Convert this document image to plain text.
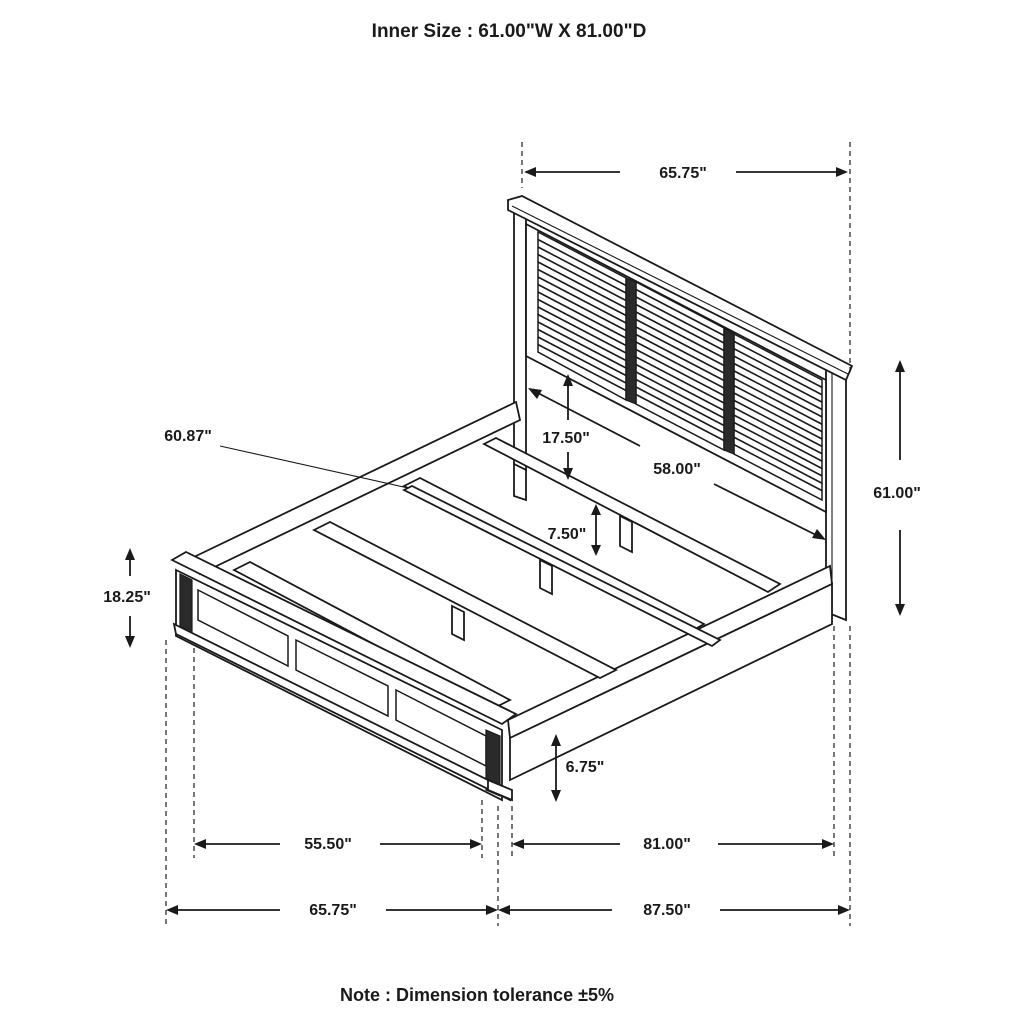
Inner Size : 61.00"W X 81.00"D
65.75"
61.00"
17.50"
58.00"
60.87"
7.50"
18.25"
6.75"
55.50"	81.00"
65.75"	87.50"
Note : Dimension tolerance ±5%
